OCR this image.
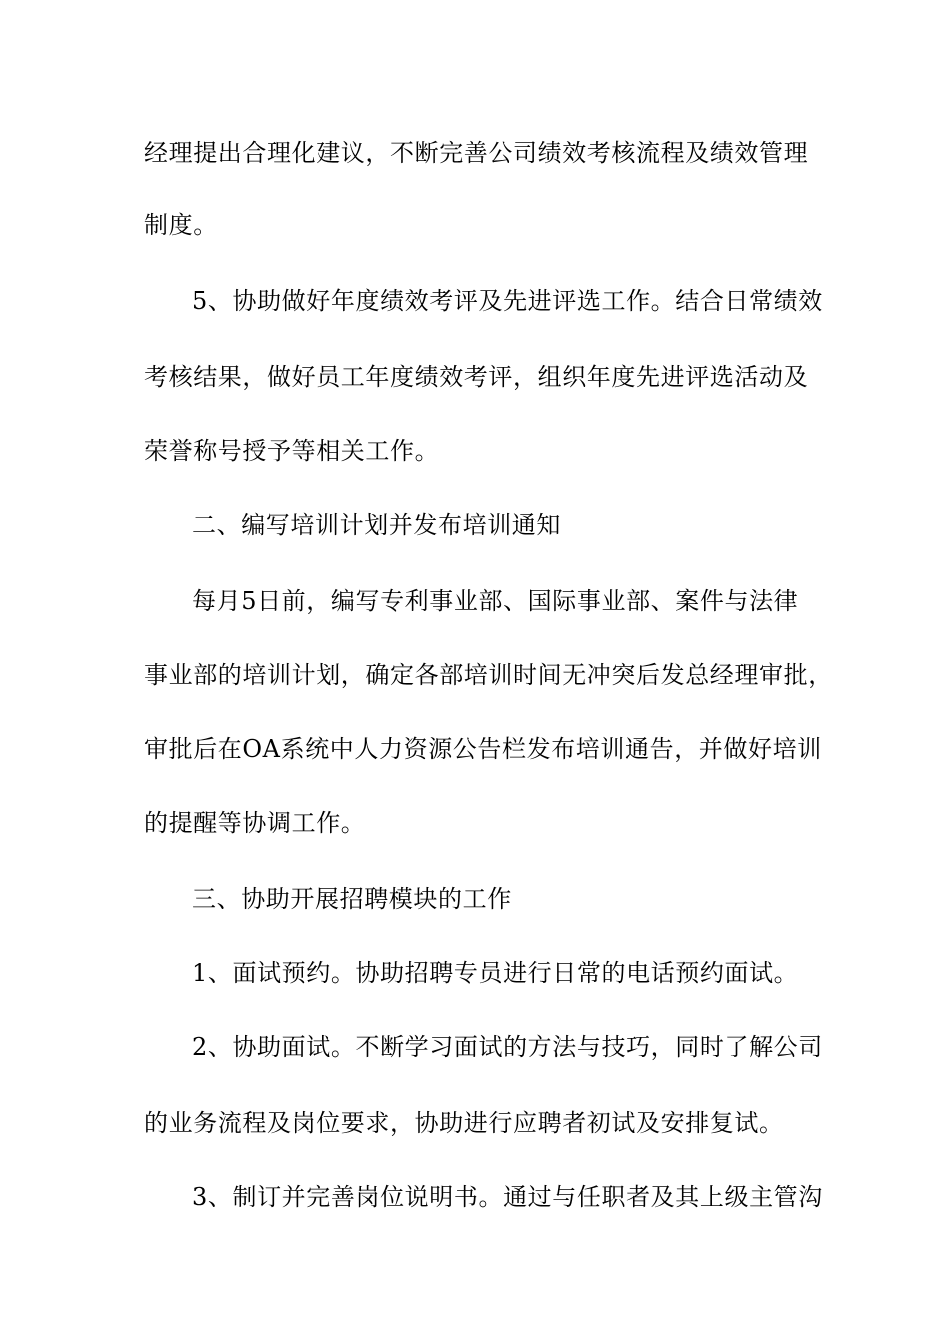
经理提出合理化建议，不断完善公司绩效考核流程及绩效管理
制度。
5、协助做好年度绩效考评及先进评选工作。结合日常绩效
考核结果，做好员工年度绩效考评，组织年度先进评选活动及
荣誉称号授予等相关工作。
二、编写培训计划并发布培训通知
每月5日前，编写专利事业部、国际事业部、案件与法律
事业部的培训计划，确定各部培训时间无冲突后发总经理审批，
审批后在OA系统中人力资源公告栏发布培训通告，并做好培训
的提醒等协调工作。
三、协助开展招聘模块的工作
1、面试预约。协助招聘专员进行日常的电话预约面试。
2、协助面试。不断学习面试的方法与技巧，同时了解公司
的业务流程及岗位要求，协助进行应聘者初试及安排复试。
3、制订并完善岗位说明书。通过与任职者及其上级主管沟
